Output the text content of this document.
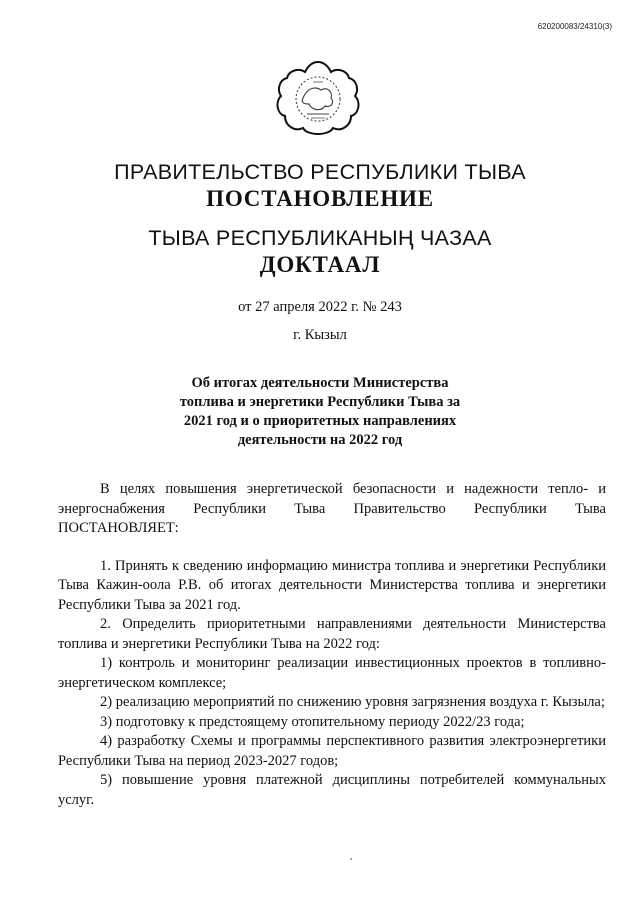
620200083/24310(3)
ПРАВИТЕЛЬСТВО РЕСПУБЛИКИ ТЫВА
ПОСТАНОВЛЕНИЕ
ТЫВА РЕСПУБЛИКАНЫҢ ЧАЗАА
ДОКТААЛ
от 27 апреля 2022 г. № 243
г. Кызыл
Об итогах деятельности Министерства
топлива и энергетики Республики Тыва за
2021 год и о приоритетных направлениях
деятельности на 2022 год

В целях повышения энергетической безопасности и надежности тепло- и энергоснабжения Республики Тыва Правительство Республики Тыва ПОСТАНОВЛЯЕТ:

1. Принять к сведению информацию министра топлива и энергетики Республики Тыва Кажин-оола Р.В. об итогах деятельности Министерства топлива и энергетики Республики Тыва за 2021 год.

2. Определить приоритетными направлениями деятельности Министерства топлива и энергетики Республики Тыва на 2022 год:

1) контроль и мониторинг реализации инвестиционных проектов в топливно-энергетическом комплексе;

2) реализацию мероприятий по снижению уровня загрязнения воздуха г. Кызыла;

3) подготовку к предстоящему отопительному периоду 2022/23 года;

4) разработку Схемы и программы перспективного развития электроэнергетики Республики Тыва на период 2023-2027 годов;

5) повышение уровня платежной дисциплины потребителей коммунальных услуг.
